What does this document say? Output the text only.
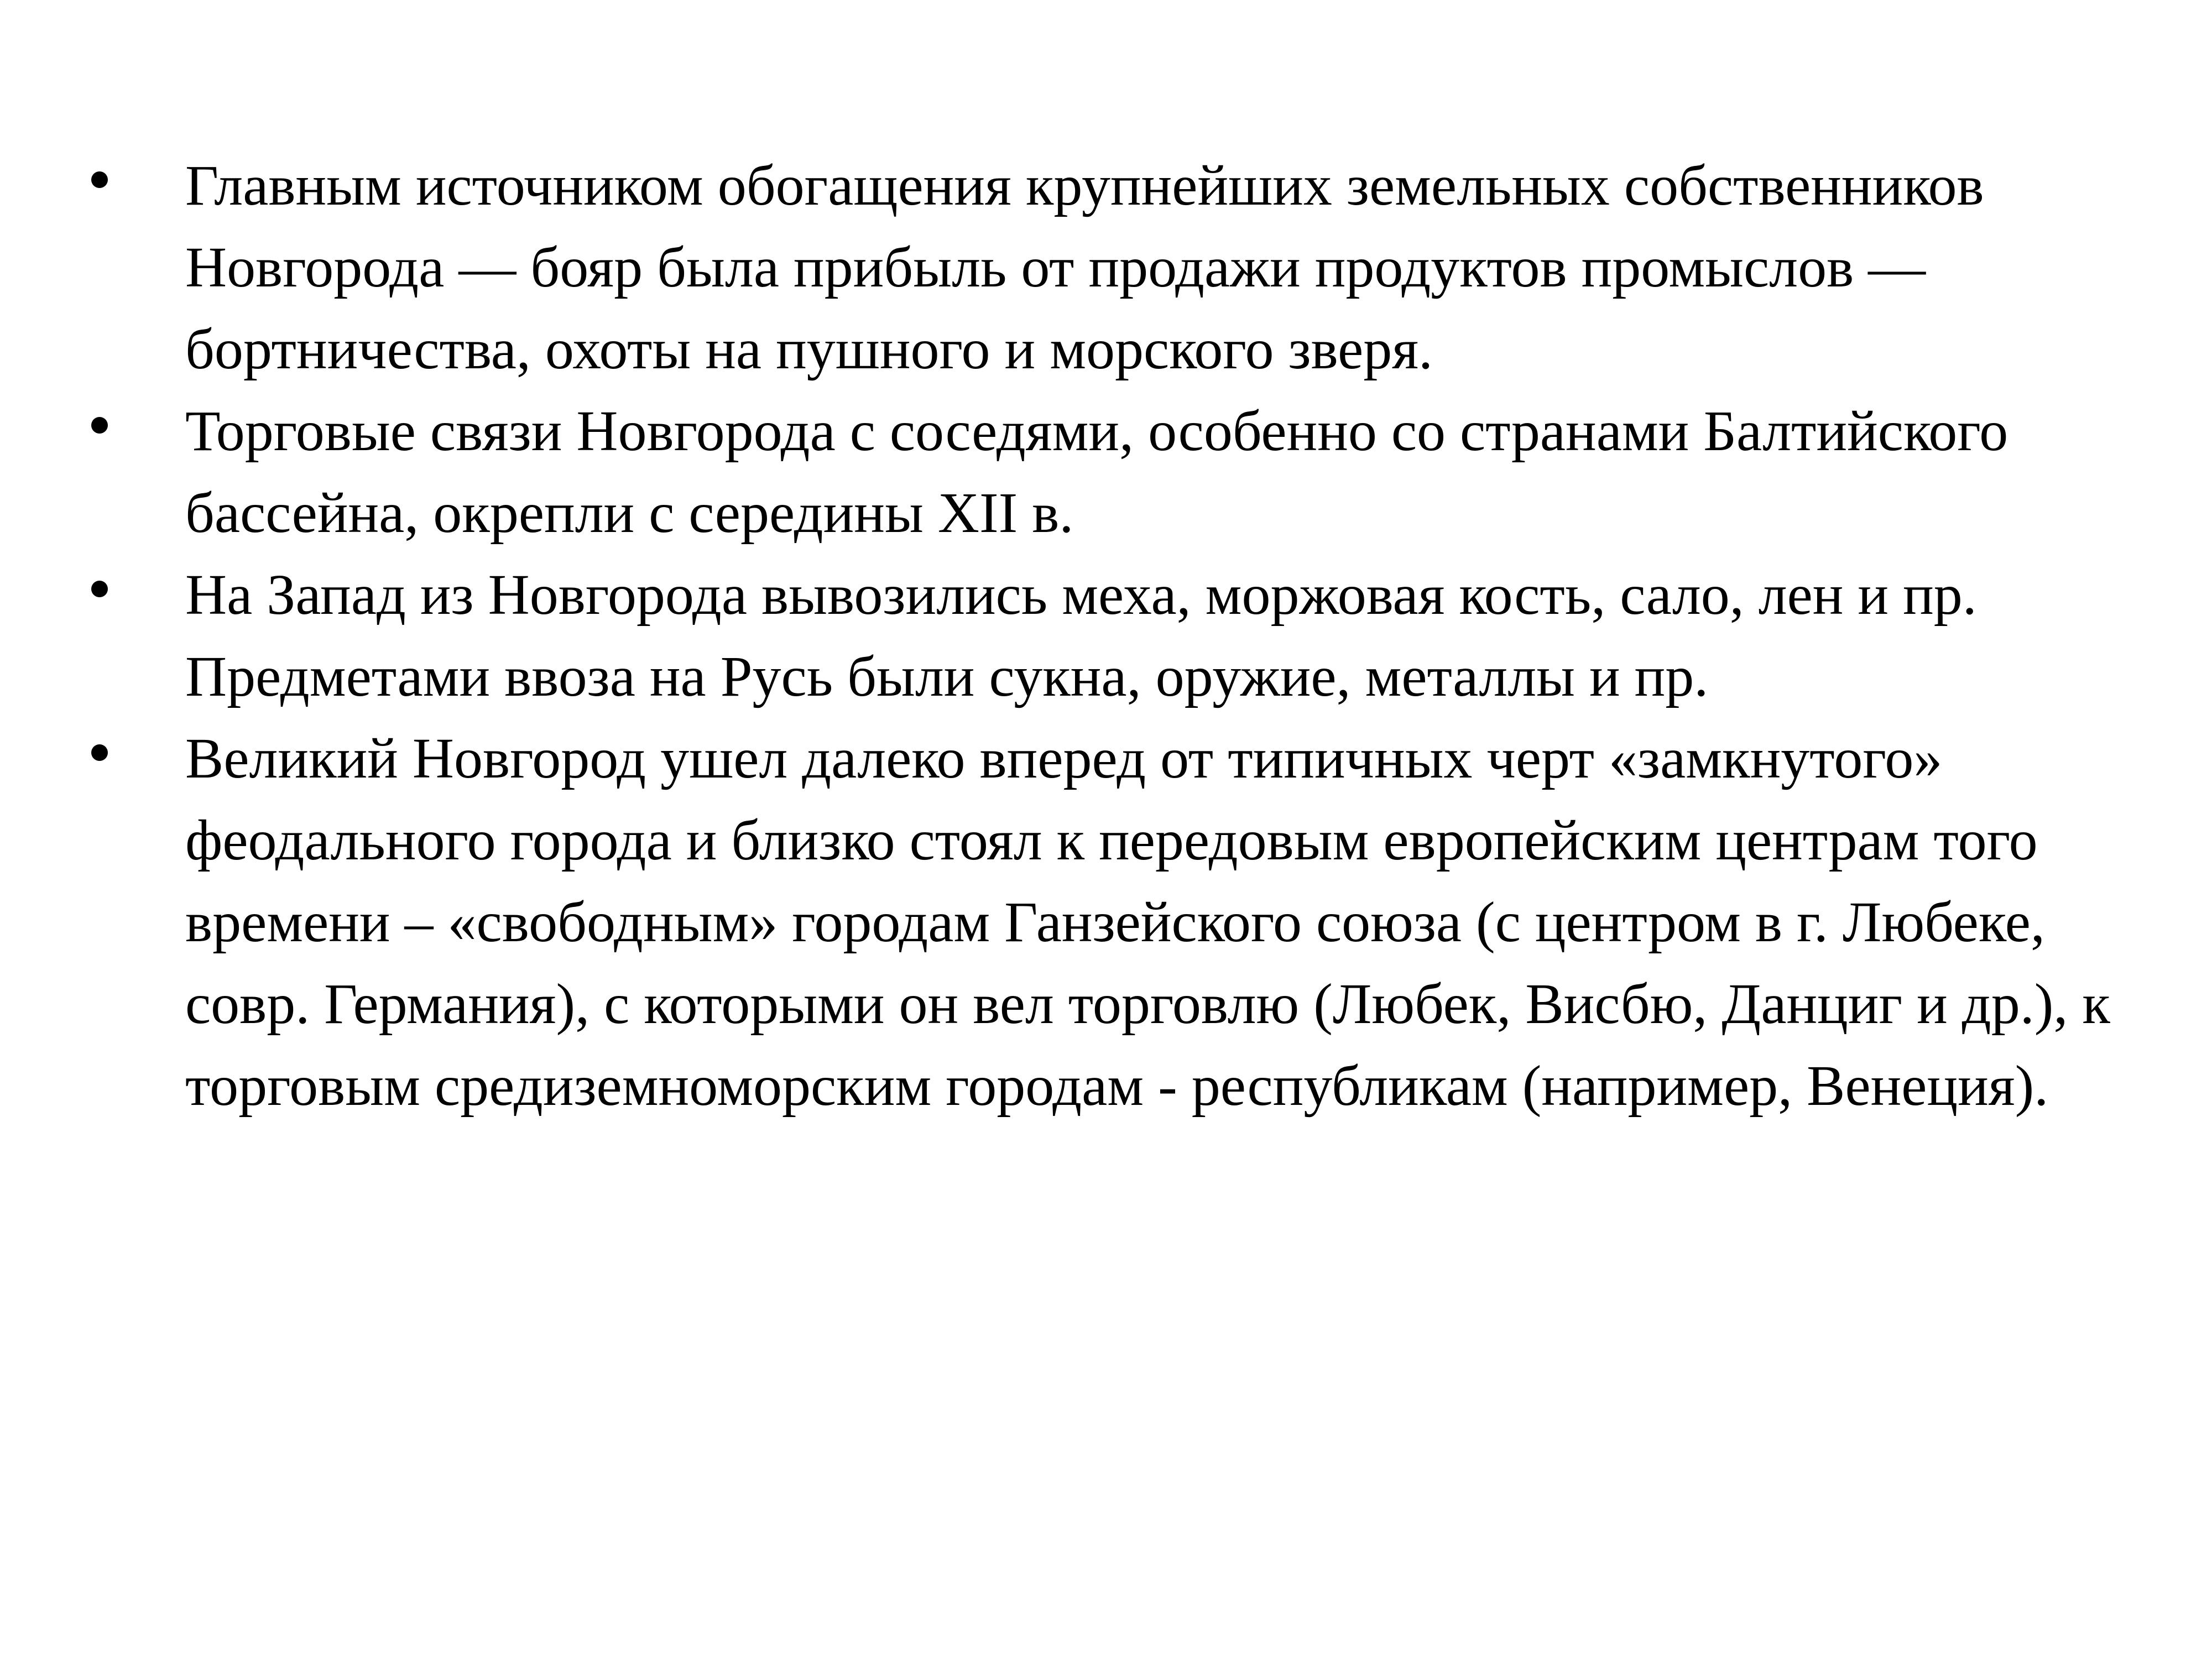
Главным источником обогащения крупнейших земельных собственников Новгорода — бояр была прибыль от продажи продуктов промыслов — бортничества, охоты на пушного и морского зверя.
Торговые связи Новгорода с соседями, особенно со странами Балтийского бассейна, окрепли с середины XII в.
На Запад из Новгорода вывозились меха, моржовая кость, сало, лен и пр. Предметами ввоза на Русь были сукна, оружие, металлы и пр.
Великий Новгород ушел далеко вперед от типичных черт «замкнутого» феодального города и близко стоял к передовым европейским центрам того времени – «свободным» городам Ганзейского союза (с центром в г. Любеке, совр. Германия), с которыми он вел торговлю (Любек, Висбю, Данциг и др.), к торговым средиземноморским городам - республикам (например, Венеция).
